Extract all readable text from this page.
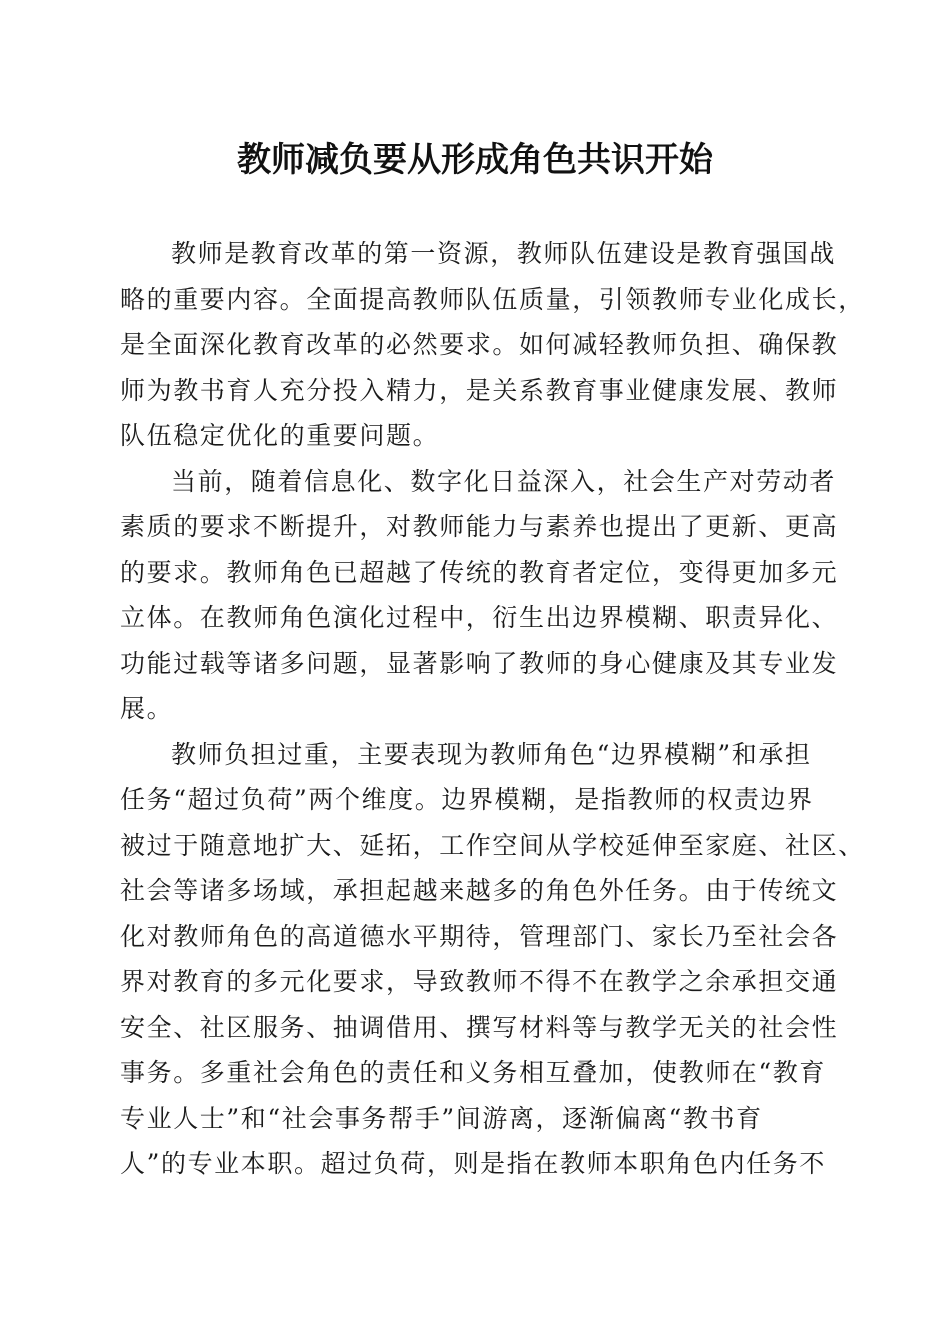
教师减负要从形成角色共识开始
教师是教育改革的第一资源，教师队伍建设是教育强国战
略的重要内容。全面提高教师队伍质量，引领教师专业化成长，
是全面深化教育改革的必然要求。如何减轻教师负担、确保教
师为教书育人充分投入精力，是关系教育事业健康发展、教师
队伍稳定优化的重要问题。
当前，随着信息化、数字化日益深入，社会生产对劳动者
素质的要求不断提升，对教师能力与素养也提出了更新、更高
的要求。教师角色已超越了传统的教育者定位，变得更加多元
立体。在教师角色演化过程中，衍生出边界模糊、职责异化、
功能过载等诸多问题，显著影响了教师的身心健康及其专业发
展。
教师负担过重，主要表现为教师角色“边界模糊”和承担
任务“超过负荷”两个维度。边界模糊，是指教师的权责边界
被过于随意地扩大、延拓，工作空间从学校延伸至家庭、社区、
社会等诸多场域，承担起越来越多的角色外任务。由于传统文
化对教师角色的高道德水平期待，管理部门、家长乃至社会各
界对教育的多元化要求，导致教师不得不在教学之余承担交通
安全、社区服务、抽调借用、撰写材料等与教学无关的社会性
事务。多重社会角色的责任和义务相互叠加，使教师在“教育
专业人士”和“社会事务帮手”间游离，逐渐偏离“教书育
人”的专业本职。超过负荷，则是指在教师本职角色内任务不
